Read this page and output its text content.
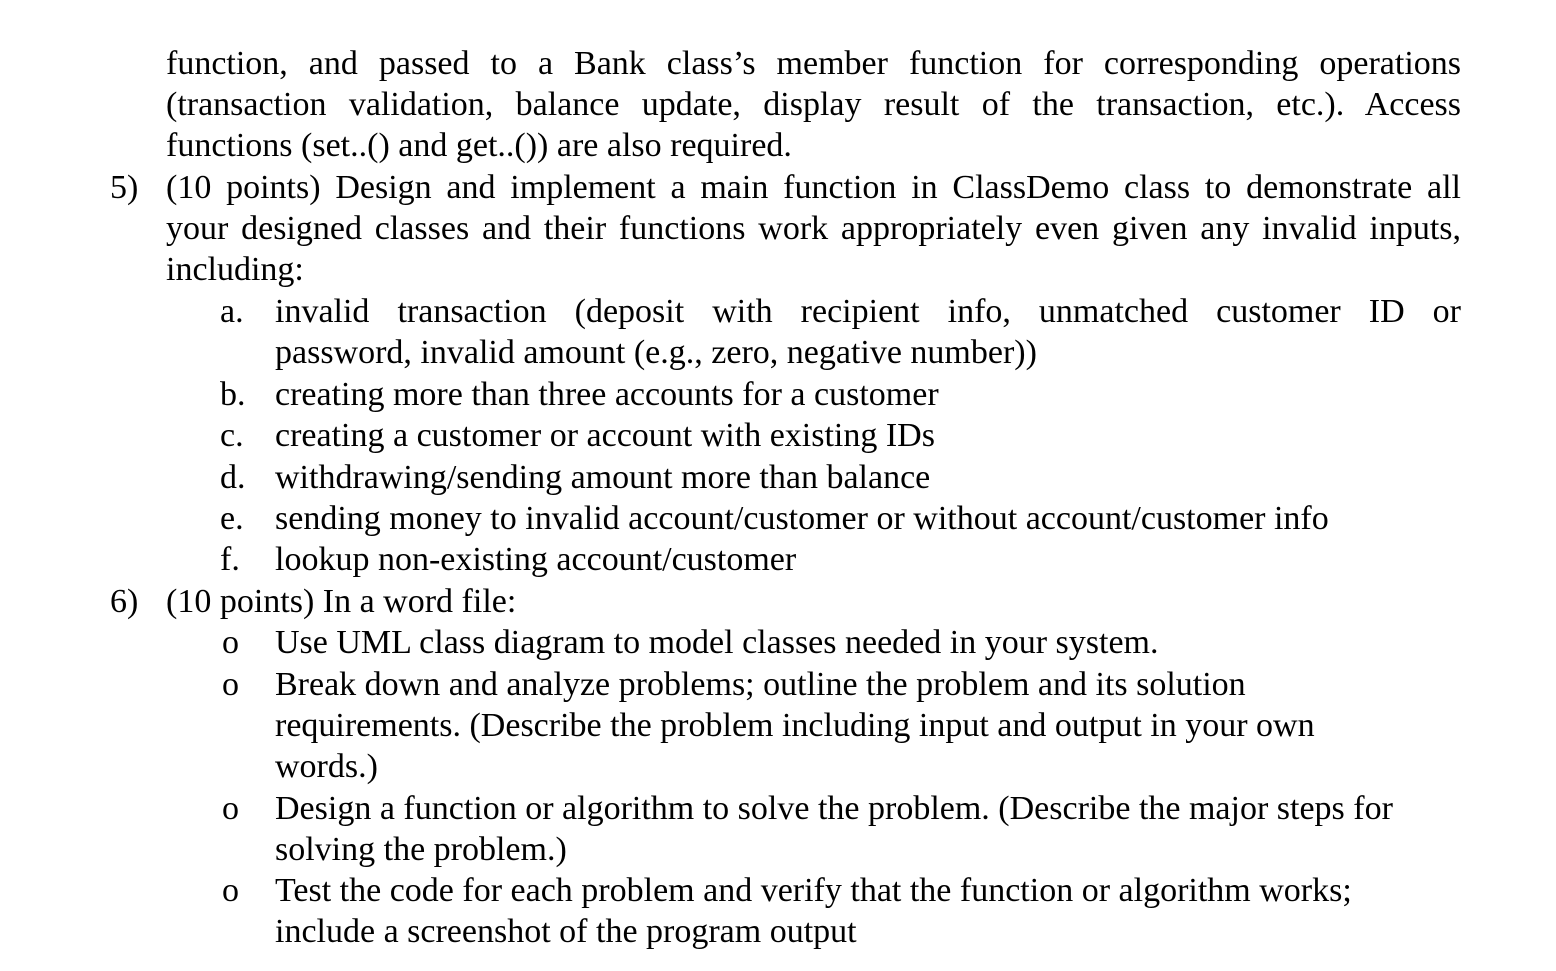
function, and passed to a Bank class’s member function for corresponding operations
(transaction validation, balance update, display result of the transaction, etc.). Access
functions (set..() and get..()) are also required.
5) (10 points) Design and implement a main function in ClassDemo class to demonstrate all
your designed classes and their functions work appropriately even given any invalid inputs,
including:
a. invalid transaction (deposit with recipient info, unmatched customer ID or
password, invalid amount (e.g., zero, negative number))
b. creating more than three accounts for a customer
c. creating a customer or account with existing IDs
d. withdrawing/sending amount more than balance
e. sending money to invalid account/customer or without account/customer info
f. lookup non-existing account/customer
6) (10 points) In a word file:
o Use UML class diagram to model classes needed in your system.
o Break down and analyze problems; outline the problem and its solution
requirements. (Describe the problem including input and output in your own
words.)
o Design a function or algorithm to solve the problem. (Describe the major steps for
solving the problem.)
o Test the code for each problem and verify that the function or algorithm works;
include a screenshot of the program output
